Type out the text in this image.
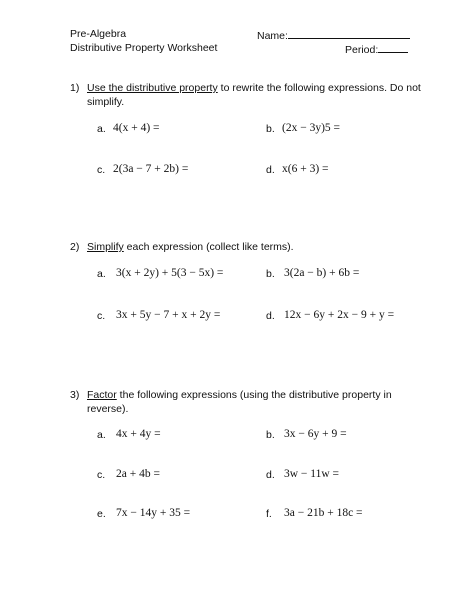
Pre-Algebra
Distributive Property Worksheet
Name:
Period:
1) Use the distributive property to rewrite the following expressions. Do not
simplify.
a. 4(x + 4) =	b. (2x − 3y)5 =
c. 2(3a − 7 + 2b) =	d. x(6 + 3) =
2) Simplify each expression (collect like terms).
a. 3(x + 2y) + 5(3 − 5x) =	b. 3(2a − b) + 6b =
c. 3x + 5y − 7 + x + 2y =	d. 12x − 6y + 2x − 9 + y =
3) Factor the following expressions (using the distributive property in
reverse).
a. 4x + 4y =	b. 3x − 6y + 9 =
c. 2a + 4b =	d. 3w − 11w =
e. 7x − 14y + 35 =	f. 3a − 21b + 18c =
